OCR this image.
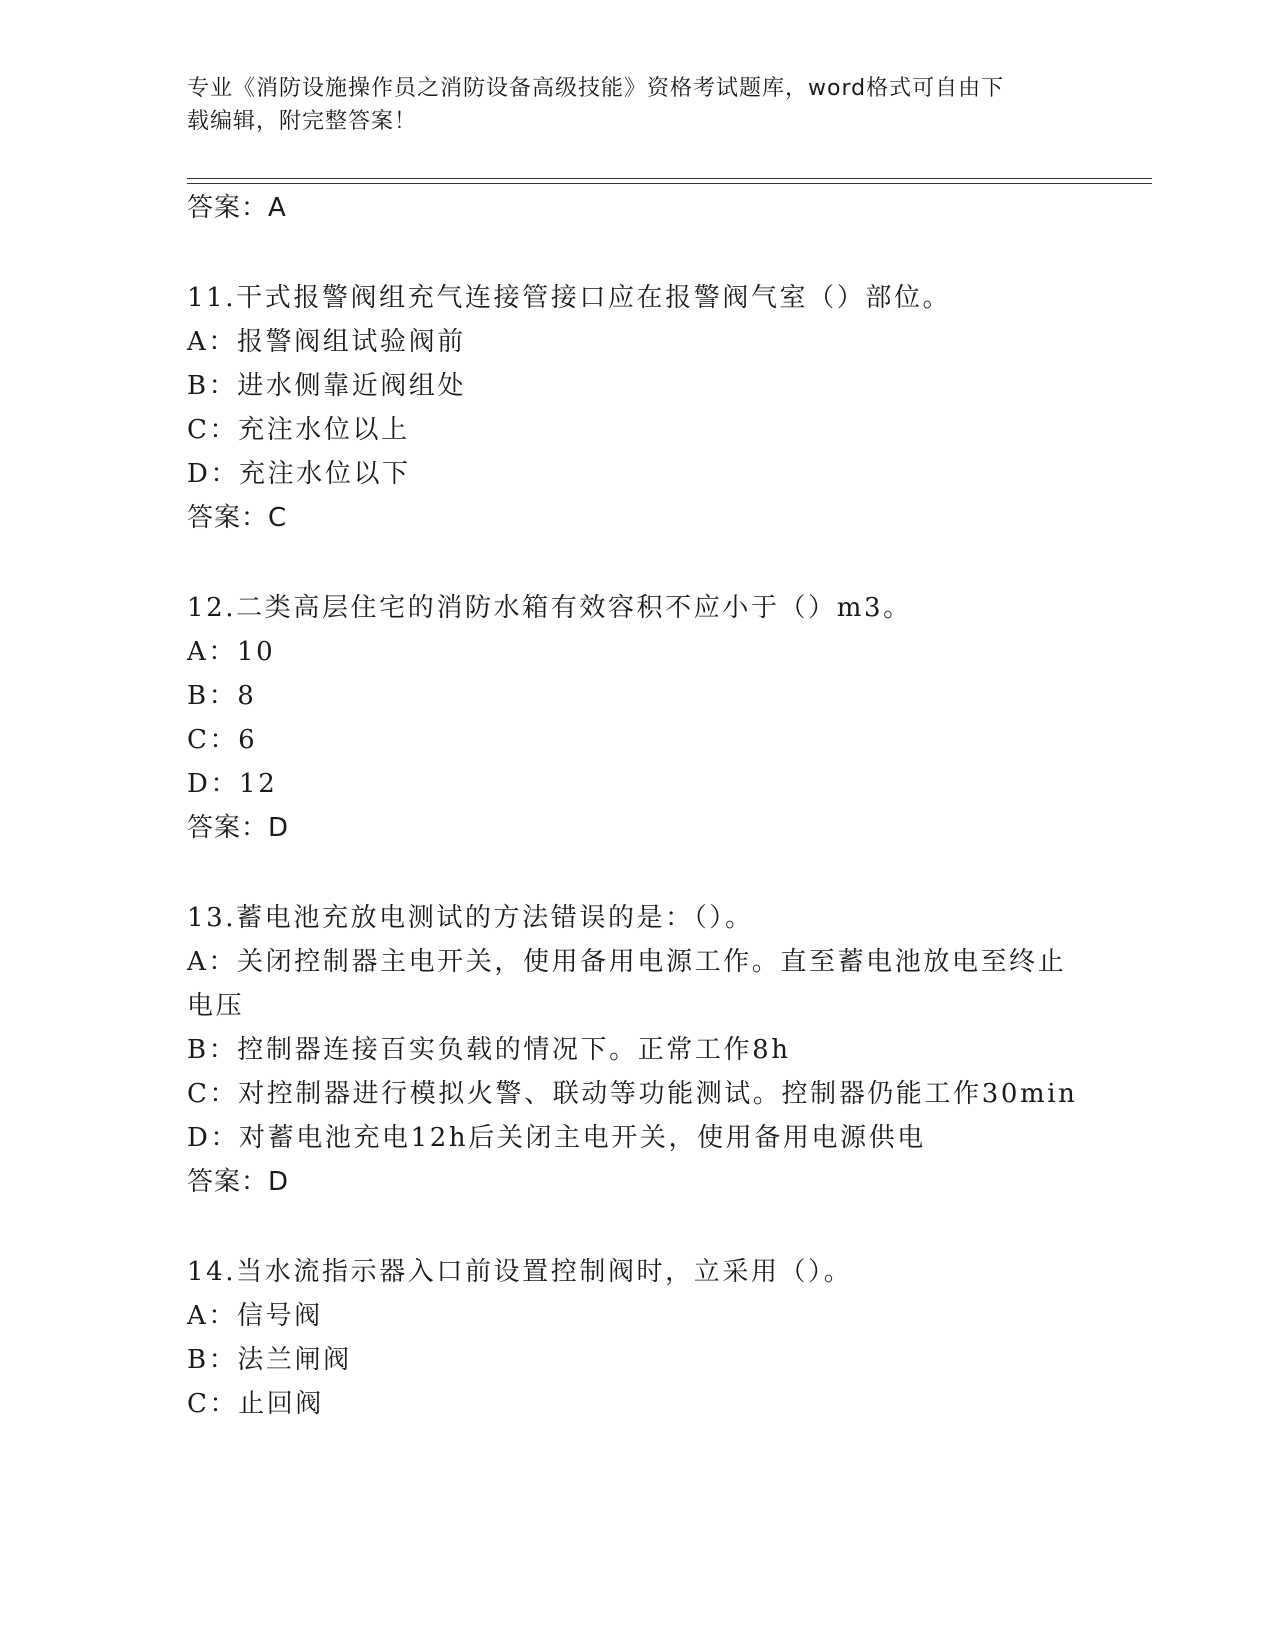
专业《消防设施操作员之消防设备高级技能》资格考试题库，word格式可自由下
载编辑，附完整答案！
答案：A
11.干式报警阀组充气连接管接口应在报警阀气室（）部位。
A：报警阀组试验阀前
B：进水侧靠近阀组处
C：充注水位以上
D：充注水位以下
答案：C
12.二类高层住宅的消防水箱有效容积不应小于（）m3。
A：10
B：8
C：6
D：12
答案：D
13.蓄电池充放电测试的方法错误的是：（）。
A：关闭控制器主电开关，使用备用电源工作。直至蓄电池放电至终止
电压
B：控制器连接百实负载的情况下。正常工作8h
C：对控制器进行模拟火警、联动等功能测试。控制器仍能工作30min
D：对蓄电池充电12h后关闭主电开关，使用备用电源供电
答案：D
14.当水流指示器入口前设置控制阀时，立采用（）。
A：信号阀
B：法兰闸阀
C：止回阀
